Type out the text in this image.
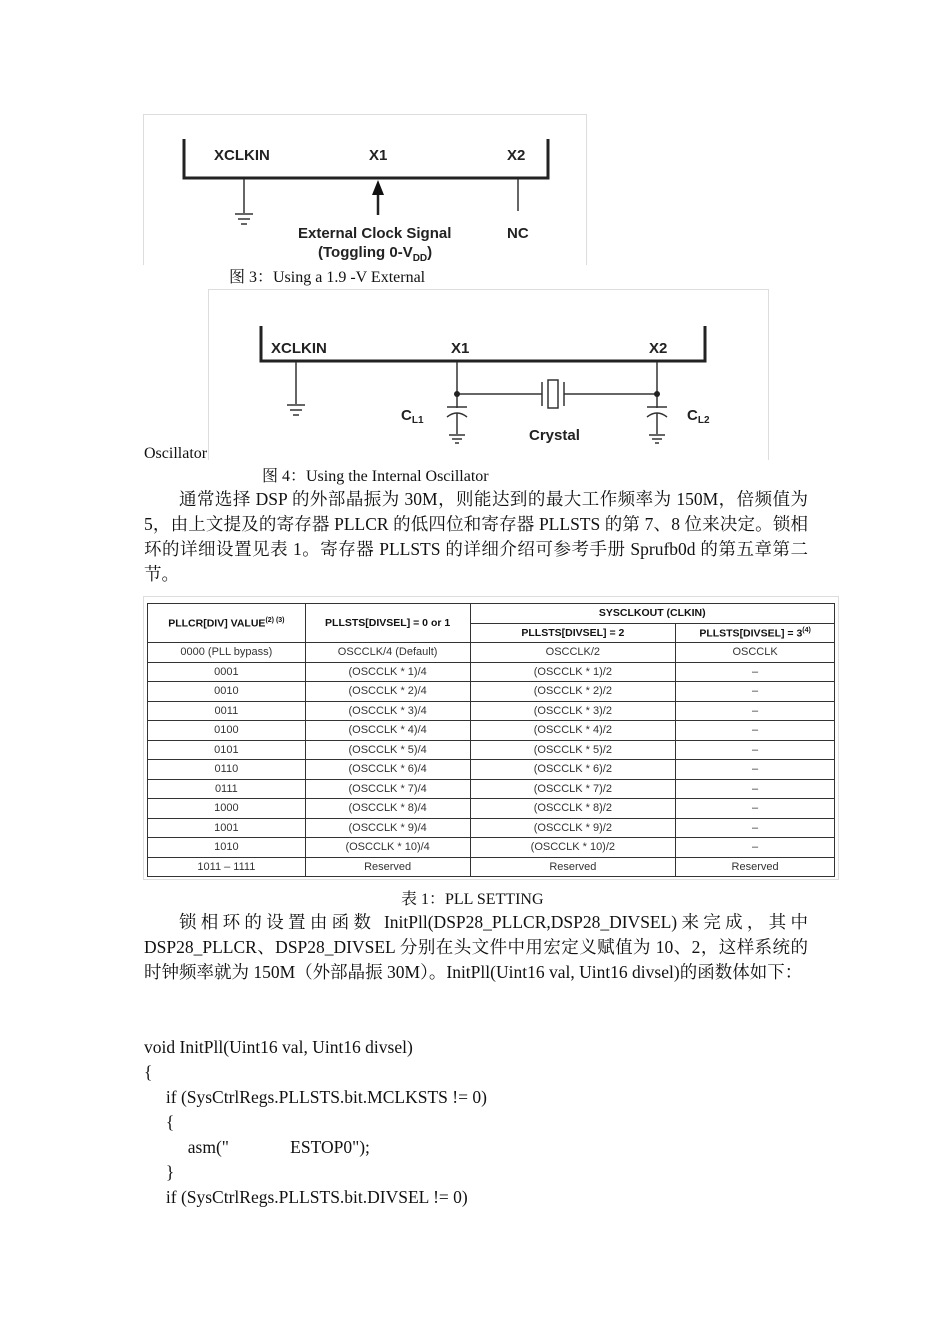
XCLKIN	X1	X2
External Clock Signal
(Toggling $0-V_{DD}$)
NC
图 3：Using a 1.9 -V External
XCLKIN	X1	X2
$C_{L1}$	$C_{L2}$
Crystal
Oscillator
图 4：Using the Internal Oscillator
通常选择 DSP 的外部晶振为 30M，则能达到的最大工作频率为 150M，倍频值为 5，由上文提及的寄存器 PLLCR 的低四位和寄存器 PLLSTS 的第 7、8 位来决定。锁相环的详细设置见表 1。寄存器 PLLSTS 的详细介绍可参考手册 Sprufb0d 的第五章第二节。
PLLCR[DIV] $VALUE^{(2) (3)}$	PLLSTS[DIVSEL] = 0 or 1	SYSCLKOUT (CLKIN)	
		PLLSTS[DIVSEL] = 2	PLLSTS[DIVSEL] = $3^{(4)}$
0000 (PLL bypass)	OSCCLK/4 (Default)	OSCCLK/2	OSCCLK
0001	(OSCCLK * 1)/4	(OSCCLK * 1)/2	–
0010	(OSCCLK * 2)/4	(OSCCLK * 2)/2	–
0011	(OSCCLK * 3)/4	(OSCCLK * 3)/2	–
0100	(OSCCLK * 4)/4	(OSCCLK * 4)/2	–
0101	(OSCCLK * 5)/4	(OSCCLK * 5)/2	–
0110	(OSCCLK * 6)/4	(OSCCLK * 6)/2	–
0111	(OSCCLK * 7)/4	(OSCCLK * 7)/2	–
1000	(OSCCLK * 8)/4	(OSCCLK * 8)/2	–
1001	(OSCCLK * 9)/4	(OSCCLK * 9)/2	–
1010	(OSCCLK * 10)/4	(OSCCLK * 10)/2	–
1011 – 1111	Reserved	Reserved	Reserved
表 1：PLL SETTING
锁相环的设置由函数 InitPll(DSP28_PLLCR,DSP28_DIVSEL)来完成，其中 DSP28_PLLCR、DSP28_DIVSEL 分别在头文件中用宏定义赋值为 10、2，这样系统的时钟频率就为 150M（外部晶振 30M）。InitPll(Uint16 val, Uint16 divsel)的函数体如下：
void InitPll(Uint16 val, Uint16 divsel)
{
if (SysCtrlRegs.PLLSTS.bit.MCLKSTS != 0)
{
asm("              ESTOP0");
}
if (SysCtrlRegs.PLLSTS.bit.DIVSEL != 0)
